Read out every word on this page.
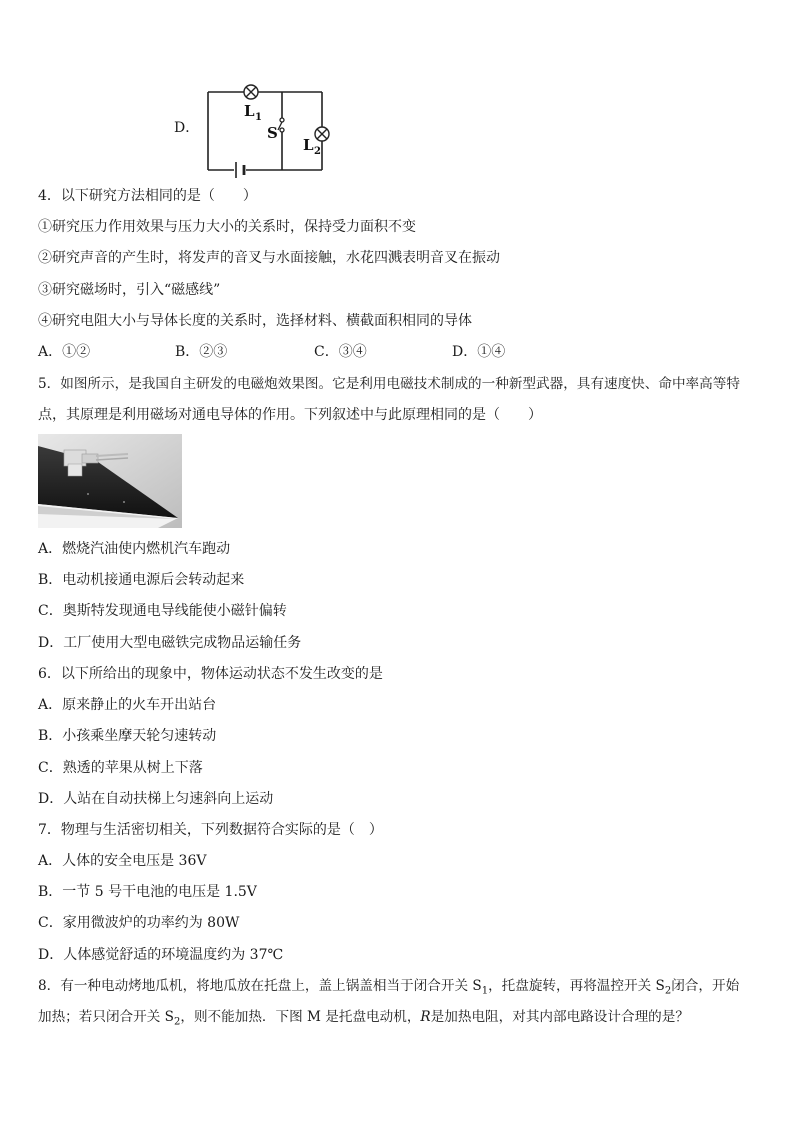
D．
L 1
S
L 2
4．以下研究方法相同的是（　　）
①研究压力作用效果与压力大小的关系时，保持受力面积不变
②研究声音的产生时，将发声的音叉与水面接触，水花四溅表明音叉在振动
③研究磁场时，引入“磁感线”
④研究电阻大小与导体长度的关系时，选择材料、横截面积相同的导体
A．①②	B．②③	C．③④	D．①④
5．如图所示，是我国自主研发的电磁炮效果图。它是利用电磁技术制成的一种新型武器，具有速度快、命中率高等特
点，其原理是利用磁场对通电导体的作用。下列叙述中与此原理相同的是（　　）
A．燃烧汽油使内燃机汽车跑动
B．电动机接通电源后会转动起来
C．奥斯特发现通电导线能使小磁针偏转
D．工厂使用大型电磁铁完成物品运输任务
6．以下所给出的现象中，物体运动状态不发生改变的是
A．原来静止的火车开出站台
B．小孩乘坐摩天轮匀速转动
C．熟透的苹果从树上下落
D．人站在自动扶梯上匀速斜向上运动
7．物理与生活密切相关，下列数据符合实际的是（　）
A．人体的安全电压是 36V
B．一节 5 号干电池的电压是 1.5V
C．家用微波炉的功率约为 80W
D．人体感觉舒适的环境温度约为 37℃
8．有一种电动烤地瓜机，将地瓜放在托盘上，盖上锅盖相当于闭合开关 $S_1$，托盘旋转，再将温控开关 $S_2$闭合，开始
加热；若只闭合开关 $S_2$，则不能加热．下图 M 是托盘电动机，R是加热电阻，对其内部电路设计合理的是？
